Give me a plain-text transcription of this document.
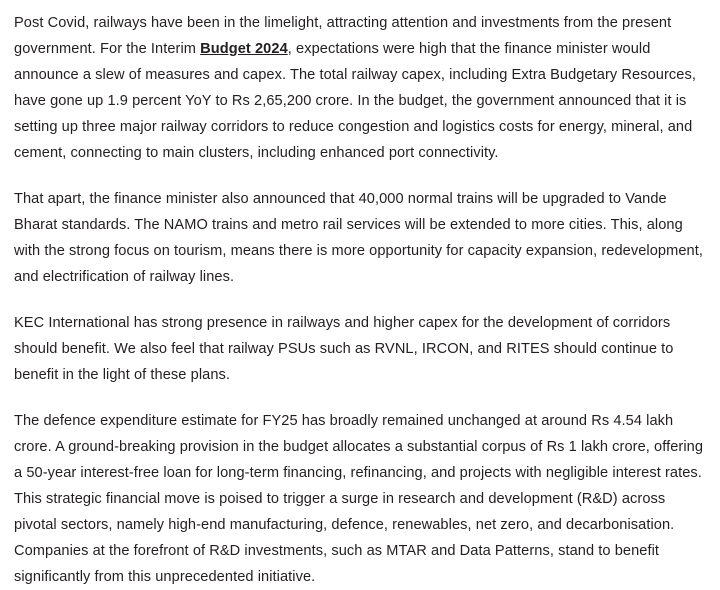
Post Covid, railways have been in the limelight, attracting attention and investments from the present government. For the Interim Budget 2024, expectations were high that the finance minister would announce a slew of measures and capex. The total railway capex, including Extra Budgetary Resources, have gone up 1.9 percent YoY to Rs 2,65,200 crore. In the budget, the government announced that it is setting up three major railway corridors to reduce congestion and logistics costs for energy, mineral, and cement, connecting to main clusters, including enhanced port connectivity.

That apart, the finance minister also announced that 40,000 normal trains will be upgraded to Vande Bharat standards. The NAMO trains and metro rail services will be extended to more cities. This, along with the strong focus on tourism, means there is more opportunity for capacity expansion, redevelopment, and electrification of railway lines.

KEC International has strong presence in railways and higher capex for the development of corridors should benefit. We also feel that railway PSUs such as RVNL, IRCON, and RITES should continue to benefit in the light of these plans.

The defence expenditure estimate for FY25 has broadly remained unchanged at around Rs 4.54 lakh crore. A ground-breaking provision in the budget allocates a substantial corpus of Rs 1 lakh crore, offering a 50-year interest-free loan for long-term financing, refinancing, and projects with negligible interest rates. This strategic financial move is poised to trigger a surge in research and development (R&D) across pivotal sectors, namely high-end manufacturing, defence, renewables, net zero, and decarbonisation. Companies at the forefront of R&D investments, such as MTAR and Data Patterns, stand to benefit significantly from this unprecedented initiative.
